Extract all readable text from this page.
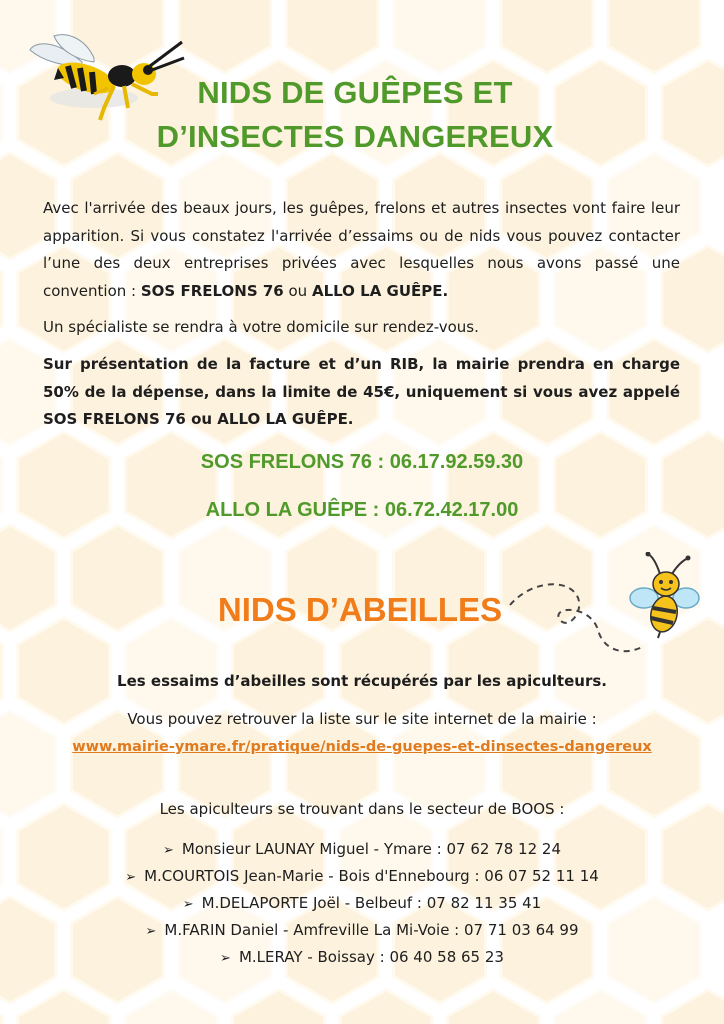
NIDS DE GUÊPES ET
D’INSECTES DANGEREUX

Avec l'arrivée des beaux jours, les guêpes, frelons et autres insectes vont faire leur apparition. Si vous constatez l'arrivée d’essaims ou de nids vous pouvez contacter l’une des deux entreprises privées avec lesquelles nous avons passé une convention : SOS FRELONS 76 ou ALLO LA GUÊPE.

Un spécialiste se rendra à votre domicile sur rendez-vous.

Sur présentation de la facture et d’un RIB, la mairie prendra en charge 50% de la dépense, dans la limite de 45€, uniquement si vous avez appelé SOS FRELONS 76 ou ALLO LA GUÊPE.

SOS FRELONS 76 : 06.17.92.59.30
ALLO LA GUÊPE : 06.72.42.17.00
NIDS D’ABEILLES
Les essaims d’abeilles sont récupérés par les apiculteurs.
Vous pouvez retrouver la liste sur le site internet de la mairie :
www.mairie-ymare.fr/pratique/nids-de-guepes-et-dinsectes-dangereux
Les apiculteurs se trouvant dans le secteur de BOOS :
➢ Monsieur LAUNAY Miguel - Ymare : 07 62 78 12 24
➢ M.COURTOIS Jean-Marie - Bois d'Ennebourg : 06 07 52 11 14
➢ M.DELAPORTE Joël - Belbeuf : 07 82 11 35 41
➢ M.FARIN Daniel - Amfreville La Mi-Voie : 07 71 03 64 99
➢ M.LERAY - Boissay : 06 40 58 65 23
